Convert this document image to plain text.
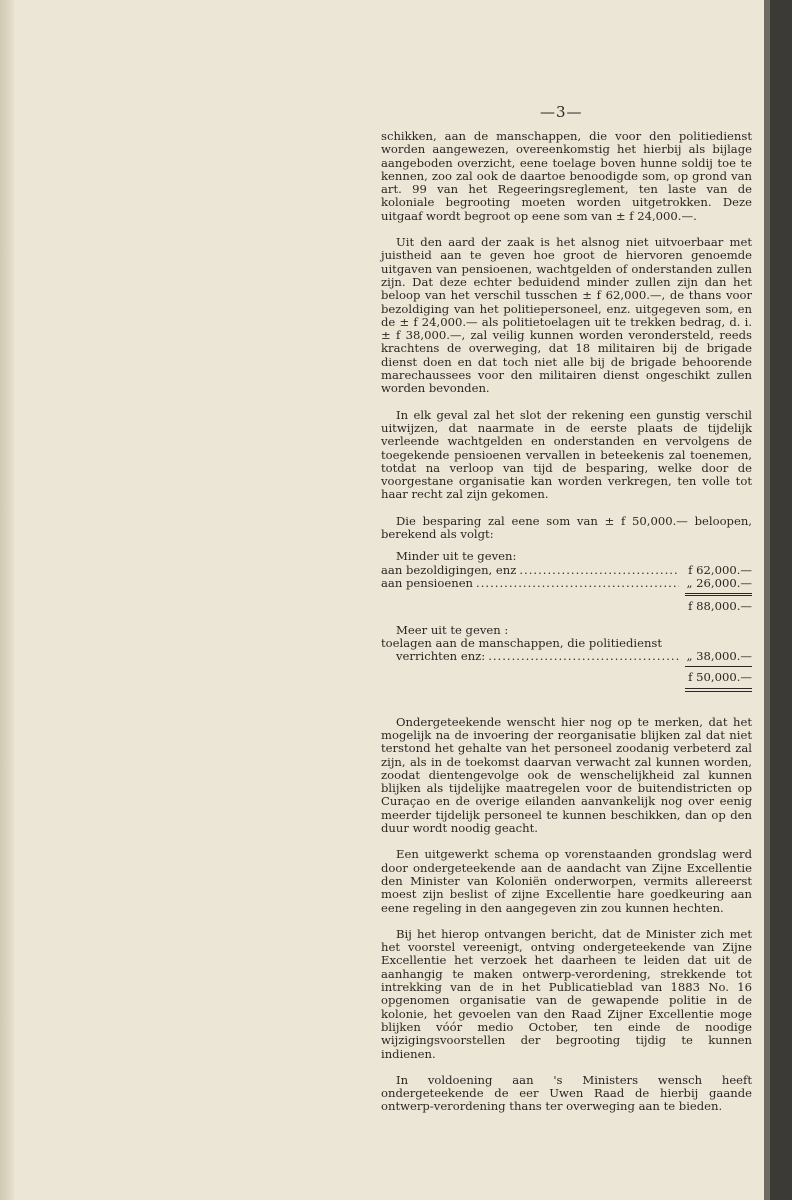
—3—

schikken, aan de manschappen, die voor den politiedienst worden aangewezen, overeenkomstig het hierbij als bijlage aangeboden overzicht, eene toelage boven hunne soldij toe te kennen, zoo zal ook de daartoe benoodigde som, op grond van art. 99 van het Regeeringsreglement, ten laste van de koloniale begrooting moeten worden uitgetrokken. Deze uitgaaf wordt begroot op eene som van ± f 24,000.—.

Uit den aard der zaak is het alsnog niet uitvoerbaar met juistheid aan te geven hoe groot de hiervoren genoemde uitgaven van pensioenen, wachtgelden of onderstanden zullen zijn. Dat deze echter beduidend minder zullen zijn dan het beloop van het verschil tusschen ± f 62,000.—, de thans voor bezoldiging van het politiepersoneel, enz. uitgegeven som, en de ± f 24,000.— als politietoelagen uit te trekken bedrag, d. i. ± f 38,000.—, zal veilig kunnen worden verondersteld, reeds krachtens de overweging, dat 18 militairen bij de brigade dienst doen en dat toch niet alle bij de brigade behoorende marechaussees voor den militairen dienst ongeschikt zullen worden bevonden.

In elk geval zal het slot der rekening een gunstig verschil uitwijzen, dat naarmate in de eerste plaats de tijdelijk verleende wachtgelden en onderstanden en vervolgens de toegekende pensioenen vervallen in beteekenis zal toenemen, totdat na verloop van tijd de besparing, welke door de voorgestane organisatie kan worden verkregen, ten volle tot haar recht zal zijn gekomen.

Die besparing zal eene som van ± f 50,000.— beloopen, berekend als volgt:

Minder uit te geven:

aan bezoldigingen, enz .....	f 62,000.—
aan pensioenen .....	„ 26,000.—
f 88,000.—

Meer uit te geven :

toelagen aan de manschappen, die politiedienst

verrichten enz: .....	„ 38,000.—
f 50,000.—

Ondergeteekende wenscht hier nog op te merken, dat het mogelijk na de invoering der reorganisatie blijken zal dat niet terstond het gehalte van het personeel zoodanig verbeterd zal zijn, als in de toekomst daarvan verwacht zal kunnen worden, zoodat dientengevolge ook de wenschelijkheid zal kunnen blijken als tijdelijke maatregelen voor de buitendistricten op Curaçao en de overige eilanden aanvankelijk nog over eenig meerder tijdelijk personeel te kunnen beschikken, dan op den duur wordt noodig geacht.

Een uitgewerkt schema op vorenstaanden grondslag werd door ondergeteekende aan de aandacht van Zijne Excellentie den Minister van Koloniën onderworpen, vermits allereerst moest zijn beslist of zijne Excellentie hare goedkeuring aan eene regeling in den aangegeven zin zou kunnen hechten.

Bij het hierop ontvangen bericht, dat de Minister zich met het voorstel vereenigt, ontving ondergeteekende van Zijne Excellentie het verzoek het daarheen te leiden dat uit de aanhangig te maken ontwerp-verordening, strekkende tot intrekking van de in het Publicatieblad van 1883 No. 16 opgenomen organisatie van de gewapende politie in de kolonie, het gevoelen van den Raad Zijner Excellentie moge blijken vóór medio October, ten einde de noodige wijzigingsvoorstellen der begrooting tijdig te kunnen indienen.

In voldoening aan 's Ministers wensch heeft ondergeteekende de eer Uwen Raad de hierbij gaande ontwerp-verordening thans ter overweging aan te bieden.
